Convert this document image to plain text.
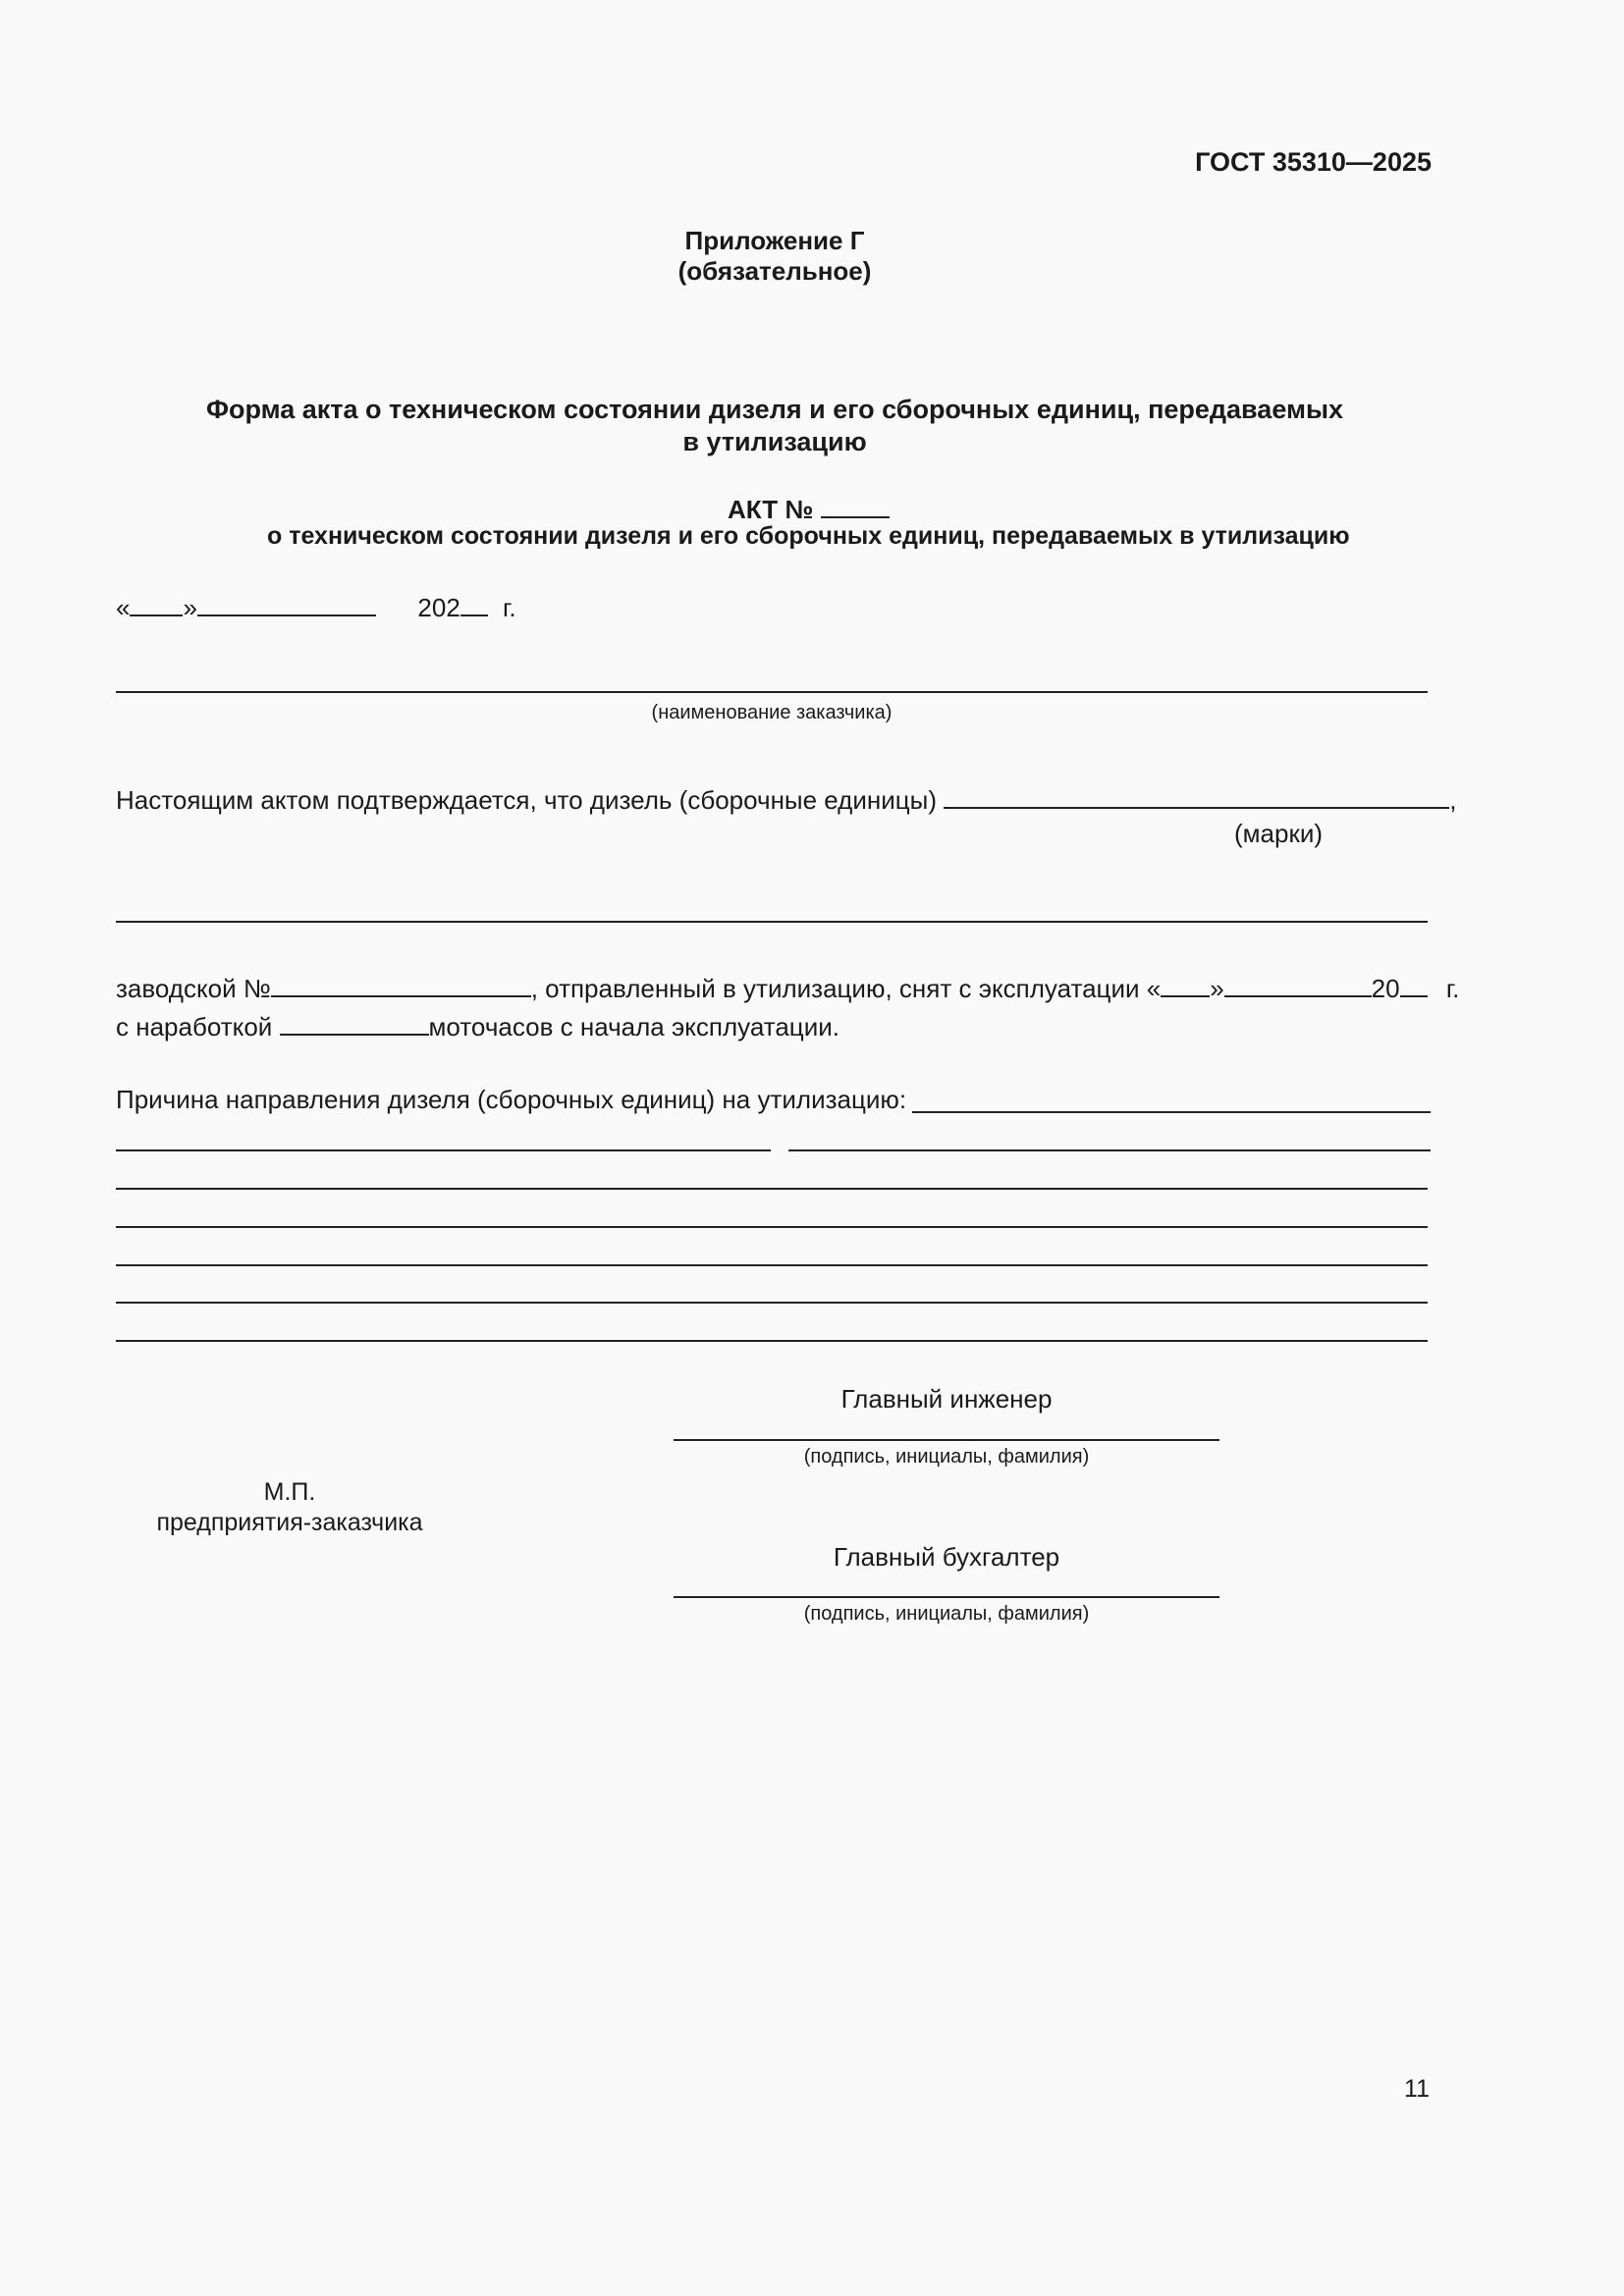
ГОСТ 35310—2025
Приложение Г
(обязательное)
Форма акта о техническом состоянии дизеля и его сборочных единиц, передаваемых
в утилизацию
АКТ №
о техническом состоянии дизеля и его сборочных единиц, передаваемых в утилизацию
« »	202 г.
(наименование заказчика)
Настоящим актом подтверждается, что дизель (сборочные единицы)	,
(марки)
заводской №	, отправленный в утилизацию, снят с эксплуатации « »	20 г.
с наработкой	моточасов с начала эксплуатации.
Причина направления дизеля (сборочных единиц) на утилизацию:
Главный инженер
(подпись, инициалы, фамилия)
Главный бухгалтер
(подпись, инициалы, фамилия)
М.П.
предприятия-заказчика
11
